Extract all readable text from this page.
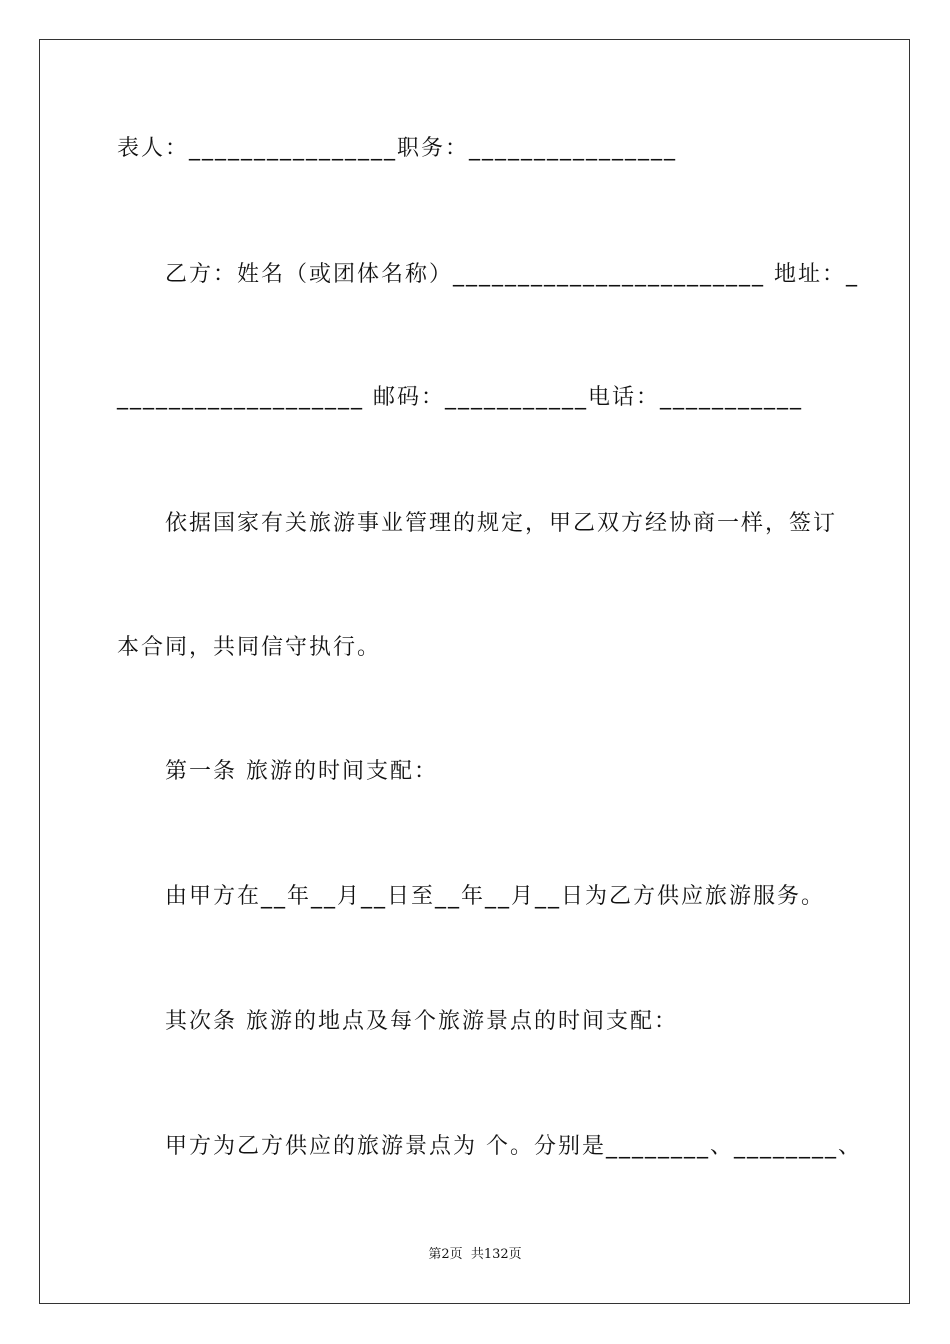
表人：________________职务：________________
乙方：姓名（或团体名称）________________________ 地址：_
___________________ 邮码：___________电话：___________
依据国家有关旅游事业管理的规定，甲乙双方经协商一样，签订
本合同，共同信守执行。
第一条 旅游的时间支配：
由甲方在__年__月__日至__年__月__日为乙方供应旅游服务。
其次条 旅游的地点及每个旅游景点的时间支配：
甲方为乙方供应的旅游景点为 个。分别是________、________、
第2页  共132页
